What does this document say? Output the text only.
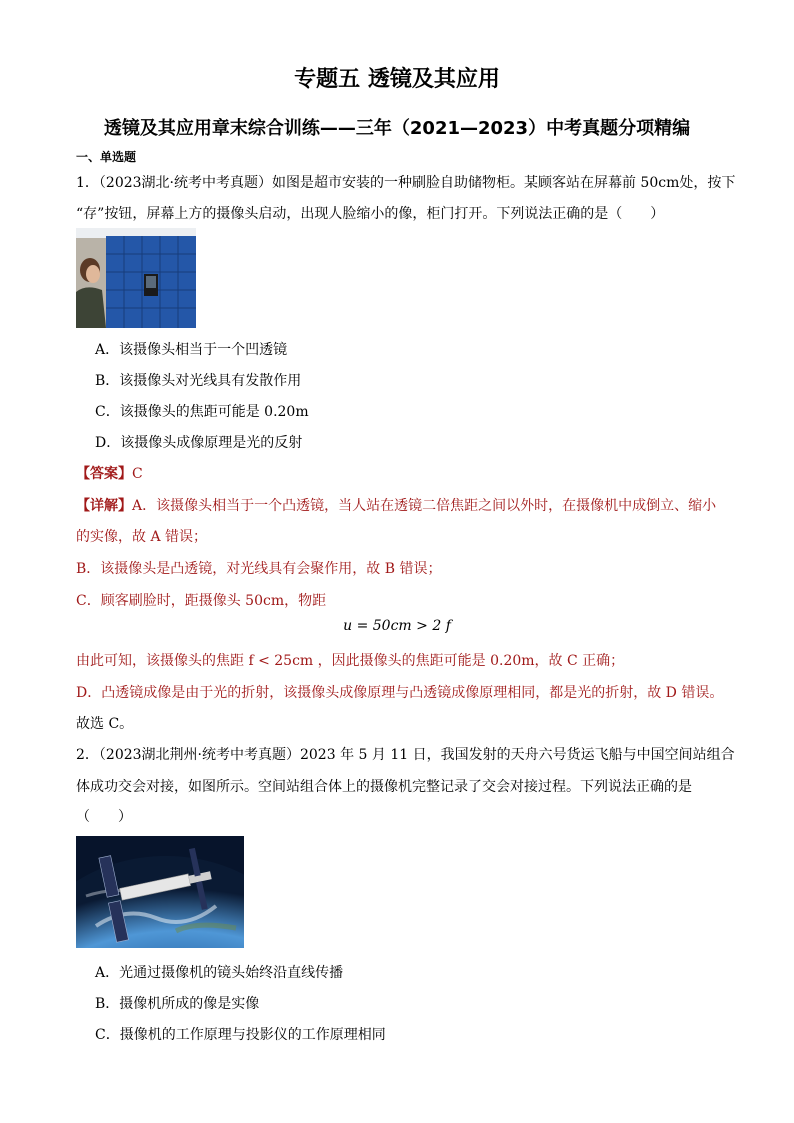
专题五 透镜及其应用
透镜及其应用章末综合训练——三年（2021—2023）中考真题分项精编
一、单选题
1．（2023湖北·统考中考真题）如图是超市安装的一种刷脸自助储物柜。某顾客站在屏幕前 50cm处，按下
“存”按钮，屏幕上方的摄像头启动，出现人脸缩小的像，柜门打开。下列说法正确的是（　　）
A．该摄像头相当于一个凹透镜
B．该摄像头对光线具有发散作用
C．该摄像头的焦距可能是 0.20m
D．该摄像头成像原理是光的反射
【答案】C
【详解】A．该摄像头相当于一个凸透镜，当人站在透镜二倍焦距之间以外时，在摄像机中成倒立、缩小
的实像，故 A 错误；
B．该摄像头是凸透镜，对光线具有会聚作用，故 B 错误；
C．顾客刷脸时，距摄像头 50cm，物距
u = 50cm > 2 f
由此可知，该摄像头的焦距 f < 25cm ，因此摄像头的焦距可能是 0.20m，故 C 正确；
D．凸透镜成像是由于光的折射，该摄像头成像原理与凸透镜成像原理相同，都是光的折射，故 D 错误。
故选 C。
2．（2023湖北荆州·统考中考真题）2023 年 5 月 11 日，我国发射的天舟六号货运飞船与中国空间站组合
体成功交会对接，如图所示。空间站组合体上的摄像机完整记录了交会对接过程。下列说法正确的是
（　　）
A．光通过摄像机的镜头始终沿直线传播
B．摄像机所成的像是实像
C．摄像机的工作原理与投影仪的工作原理相同
